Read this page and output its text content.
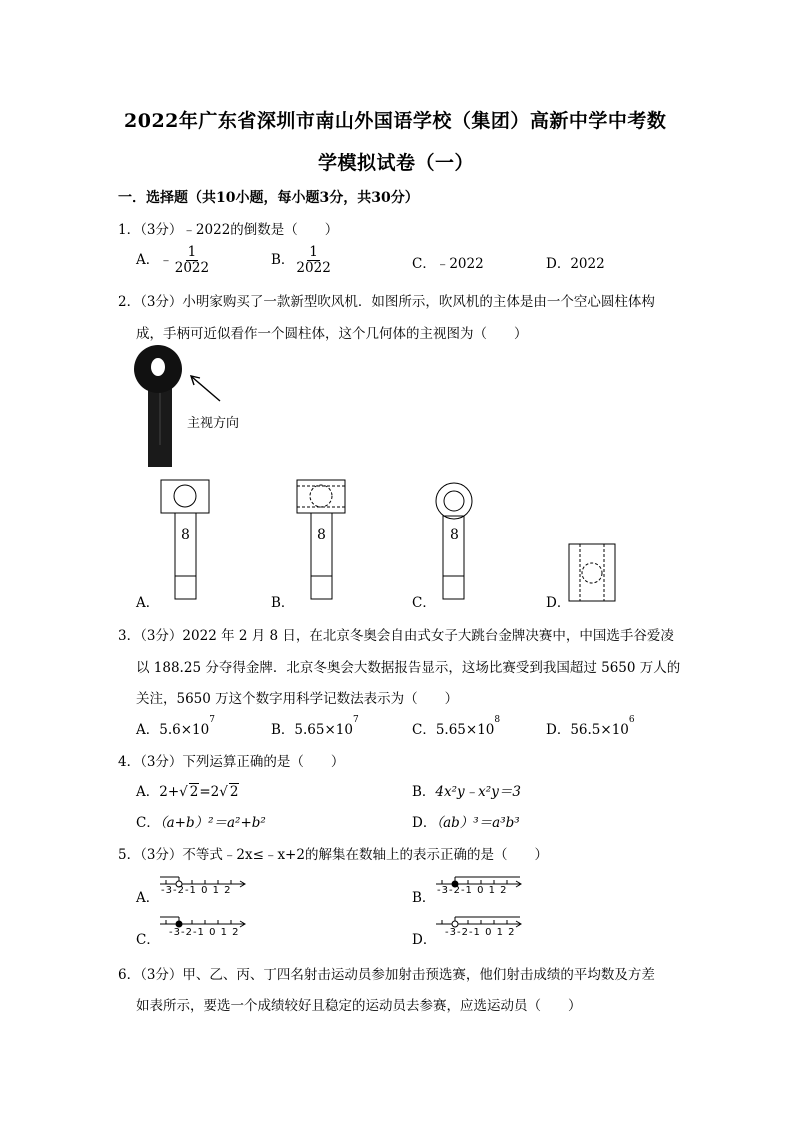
2022年广东省深圳市南山外国语学校（集团）高新中学中考数
学模拟试卷（一）
一．选择题（共10小题，每小题3分，共30分）
1．（3分）﹣2022的倒数是（　　）
A．﹣ $\frac{1}{2022}$	B． $\frac{1}{2022}$	C．﹣2022	D．2022
2．（3分）小明家购买了一款新型吹风机．如图所示，吹风机的主体是由一个空心圆柱体构
成，手柄可近似看作一个圆柱体，这个几何体的主视图为（　　）
主视方向
8	8	8
A．	B．	C．	D．
3．（3分）2022 年 2 月 8 日，在北京冬奥会自由式女子大跳台金牌决赛中，中国选手谷爱凌
以 188.25 分夺得金牌．北京冬奥会大数据报告显示，这场比赛受到我国超过 5650 万人的
关注，5650 万这个数字用科学记数法表示为（　　）
A．$5.6\times 10^7$
B．$5.65\times 10^7$
C．$5.65\times 10^8$
D．$56.5\times 10^6$
4．（3分）下列运算正确的是（　　）
A．2+√ 2=2√ 2	B．4x²y﹣x²y＝3
C．（a+b）²＝a²+b²	D．（ab）³＝a³b³
5．（3分）不等式﹣2x≤﹣x+2的解集在数轴上的表示正确的是（　　）
A． -3-2-1 0 1 2	B． -3-2-1 0 1 2
C． -3-2-1 0 1 2	D． -3-2-1 0 1 2
6．（3分）甲、乙、丙、丁四名射击运动员参加射击预选赛，他们射击成绩的平均数及方差
如表所示，要选一个成绩较好且稳定的运动员去参赛，应选运动员（　　）
